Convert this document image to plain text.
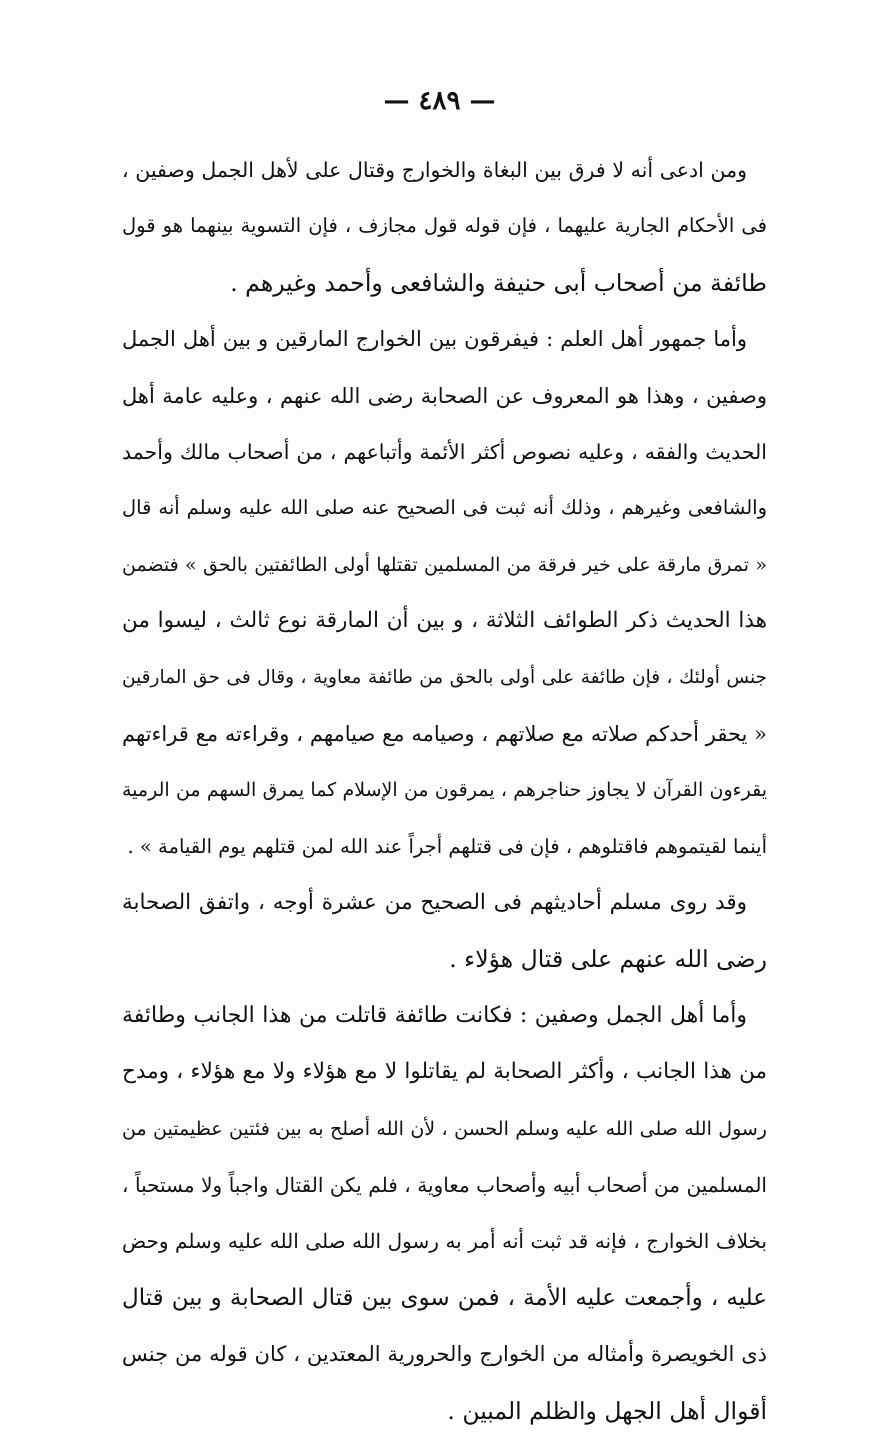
— ٤٨٩ —
ومن ادعى أنه لا فرق بين البغاة والخوارج وقتال على لأهل الجمل وصفين ،
فى الأحكام الجارية عليهما ، فإن قوله قول مجازف ، فإن التسوية بينهما هو قول
طائفة من أصحاب أبى حنيفة والشافعى وأحمد وغيرهم .
وأما جمهور أهل العلم : فيفرقون بين الخوارج المارقين و بين أهل الجمل
وصفين ، وهذا هو المعروف عن الصحابة رضى الله عنهم ، وعليه عامة أهل
الحديث والفقه ، وعليه نصوص أكثر الأئمة وأتباعهم ، من أصحاب مالك وأحمد
والشافعى وغيرهم ، وذلك أنه ثبت فى الصحيح عنه صلى الله عليه وسلم أنه قال
« تمرق مارقة على خير فرقة من المسلمين تقتلها أولى الطائفتين بالحق » فتضمن
هذا الحديث ذكر الطوائف الثلاثة ، و بين أن المارقة نوع ثالث ، ليسوا من
جنس أولئك ، فإن طائفة على أولى بالحق من طائفة معاوية ، وقال فى حق المارقين
« يحقر أحدكم صلاته مع صلاتهم ، وصيامه مع صيامهم ، وقراءته مع قراءتهم
يقرءون القرآن لا يجاوز حناجرهم ، يمرقون من الإسلام كما يمرق السهم من الرمية
أينما لقيتموهم فاقتلوهم ، فإن فى قتلهم أجراً عند الله لمن قتلهم يوم القيامة » .
وقد روى مسلم أحاديثهم فى الصحيح من عشرة أوجه ، واتفق الصحابة
رضى الله عنهم على قتال هؤلاء .
وأما أهل الجمل وصفين : فكانت طائفة قاتلت من هذا الجانب وطائفة
من هذا الجانب ، وأكثر الصحابة لم يقاتلوا لا مع هؤلاء ولا مع هؤلاء ، ومدح
رسول الله صلى الله عليه وسلم الحسن ، لأن الله أصلح به بين فئتين عظيمتين من
المسلمين من أصحاب أبيه وأصحاب معاوية ، فلم يكن القتال واجباً ولا مستحباً ،
بخلاف الخوارج ، فإنه قد ثبت أنه أمر به رسول الله صلى الله عليه وسلم وحض
عليه ، وأجمعت عليه الأمة ، فمن سوى بين قتال الصحابة و بين قتال
ذى الخويصرة وأمثاله من الخوارج والحرورية المعتدين ، كان قوله من جنس
أقوال أهل الجهل والظلم المبين .
